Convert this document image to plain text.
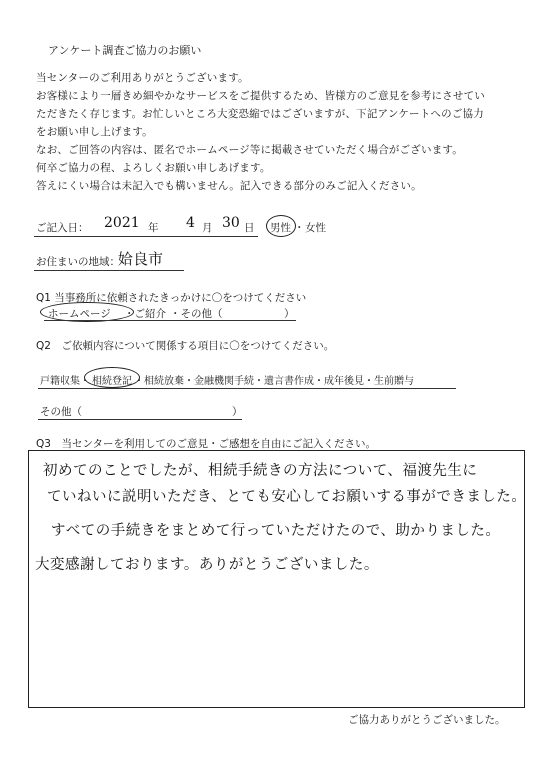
アンケート調査ご協力のお願い
当センターのご利用ありがとうございます。
お客様により一層きめ細やかなサービスをご提供するため、皆様方のご意見を参考にさせてい
ただきたく存じます。お忙しいところ大変恐縮ではございますが、下記アンケートへのご協力
をお願い申し上げます。
なお、ご回答の内容は、匿名でホームページ等に掲載させていただく場合がございます。
何卒ご協力の程、よろしくお願い申しあげます。
答えにくい場合は未記入でも構いません。記入できる部分のみご記入ください。
ご記入日： 2021 年 4 月 30 日 男性 ・ 女性
お住まいの地域：
姶良市
Q1 当事務所に依頼されたきっかけに〇をつけてください
ホームページ ・ご紹介 ・その他（	）
Q2　ご依頼内容について関係する項目に〇をつけてください。
戸籍収集・ 相続登記 ・相続放棄・金融機関手続・遺言書作成・成年後見・生前贈与
その他（	）
Q3　当センターを利用してのご意見・ご感想を自由にご記入ください。
初めてのことでしたが、相続手続きの方法について、福渡先生に
ていねいに説明いただき、とても安心してお願いする事ができました。
すべての手続きをまとめて行っていただけたので、助かりました。
大変感謝しております。ありがとうございました。
ご協力ありがとうございました。
